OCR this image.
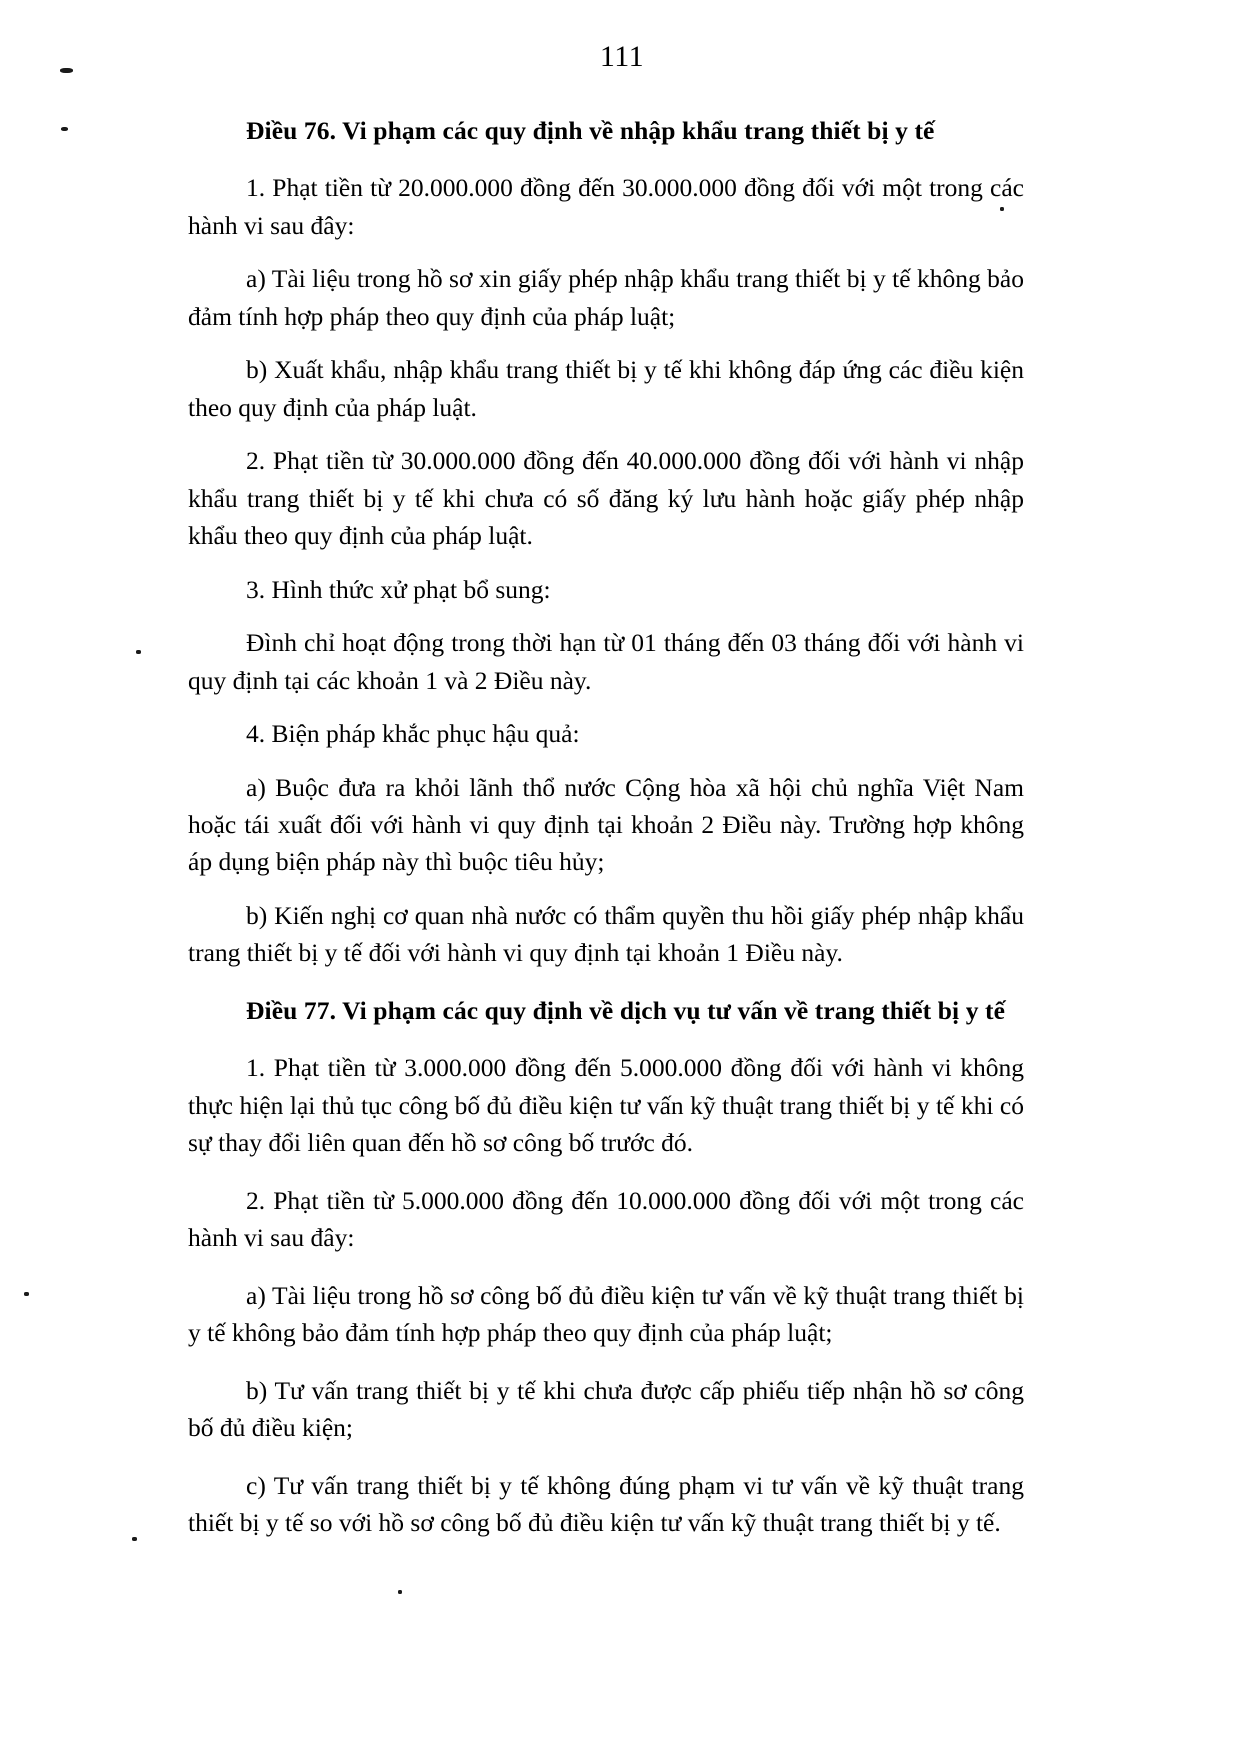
111

Điều 76. Vi phạm các quy định về nhập khẩu trang thiết bị y tế

1. Phạt tiền từ 20.000.000 đồng đến 30.000.000 đồng đối với một trong các hành vi sau đây:

a) Tài liệu trong hồ sơ xin giấy phép nhập khẩu trang thiết bị y tế không bảo đảm tính hợp pháp theo quy định của pháp luật;

b) Xuất khẩu, nhập khẩu trang thiết bị y tế khi không đáp ứng các điều kiện theo quy định của pháp luật.

2. Phạt tiền từ 30.000.000 đồng đến 40.000.000 đồng đối với hành vi nhập khẩu trang thiết bị y tế khi chưa có số đăng ký lưu hành hoặc giấy phép nhập khẩu theo quy định của pháp luật.

3. Hình thức xử phạt bổ sung:

Đình chỉ hoạt động trong thời hạn từ 01 tháng đến 03 tháng đối với hành vi quy định tại các khoản 1 và 2 Điều này.

4. Biện pháp khắc phục hậu quả:

a) Buộc đưa ra khỏi lãnh thổ nước Cộng hòa xã hội chủ nghĩa Việt Nam hoặc tái xuất đối với hành vi quy định tại khoản 2 Điều này. Trường hợp không áp dụng biện pháp này thì buộc tiêu hủy;

b) Kiến nghị cơ quan nhà nước có thẩm quyền thu hồi giấy phép nhập khẩu trang thiết bị y tế đối với hành vi quy định tại khoản 1 Điều này.

Điều 77. Vi phạm các quy định về dịch vụ tư vấn về trang thiết bị y tế

1. Phạt tiền từ 3.000.000 đồng đến 5.000.000 đồng đối với hành vi không thực hiện lại thủ tục công bố đủ điều kiện tư vấn kỹ thuật trang thiết bị y tế khi có sự thay đổi liên quan đến hồ sơ công bố trước đó.

2. Phạt tiền từ 5.000.000 đồng đến 10.000.000 đồng đối với một trong các hành vi sau đây:

a) Tài liệu trong hồ sơ công bố đủ điều kiện tư vấn về kỹ thuật trang thiết bị y tế không bảo đảm tính hợp pháp theo quy định của pháp luật;

b) Tư vấn trang thiết bị y tế khi chưa được cấp phiếu tiếp nhận hồ sơ công bố đủ điều kiện;

c) Tư vấn trang thiết bị y tế không đúng phạm vi tư vấn về kỹ thuật trang thiết bị y tế so với hồ sơ công bố đủ điều kiện tư vấn kỹ thuật trang thiết bị y tế.
